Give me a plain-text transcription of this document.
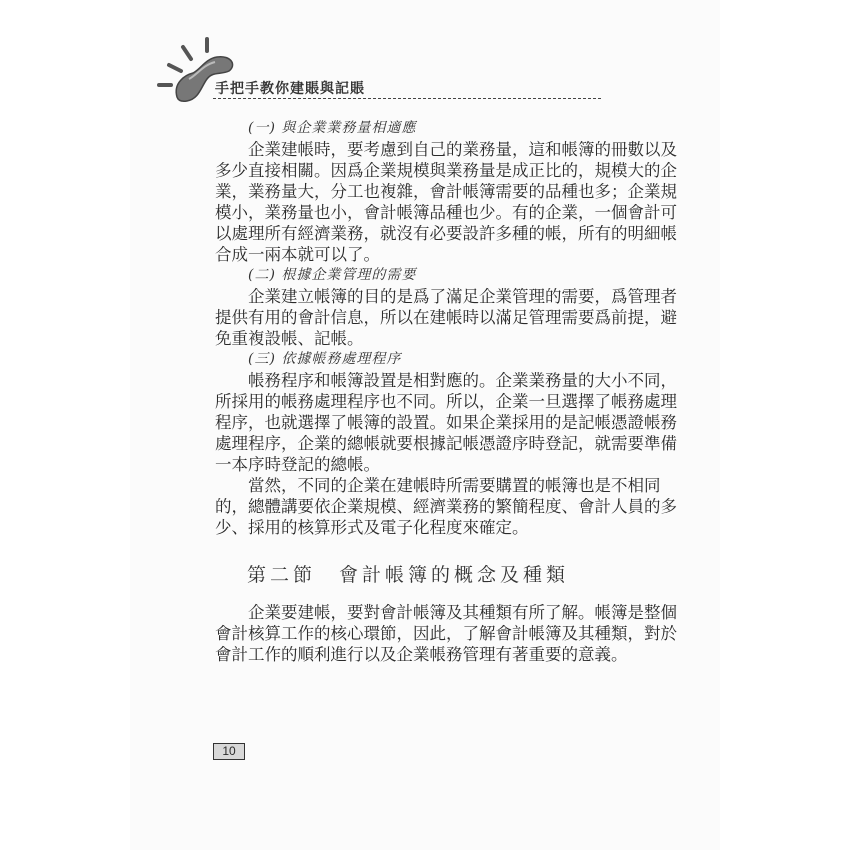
手把手教你建賬與記賬
(一) 與企業業務量相適應
企業建帳時，要考慮到自己的業務量，這和帳簿的冊數以及
多少直接相關。因爲企業規模與業務量是成正比的，規模大的企
業，業務量大，分工也複雜，會計帳簿需要的品種也多；企業規
模小，業務量也小，會計帳簿品種也少。有的企業，一個會計可
以處理所有經濟業務，就沒有必要設許多種的帳，所有的明細帳
合成一兩本就可以了。
(二) 根據企業管理的需要
企業建立帳簿的目的是爲了滿足企業管理的需要，爲管理者
提供有用的會計信息，所以在建帳時以滿足管理需要爲前提，避
免重複設帳、記帳。
(三) 依據帳務處理程序
帳務程序和帳簿設置是相對應的。企業業務量的大小不同，
所採用的帳務處理程序也不同。所以，企業一旦選擇了帳務處理
程序，也就選擇了帳簿的設置。如果企業採用的是記帳憑證帳務
處理程序，企業的總帳就要根據記帳憑證序時登記，就需要準備
一本序時登記的總帳。
當然，不同的企業在建帳時所需要購置的帳簿也是不相同
的，總體講要依企業規模、經濟業務的繁簡程度、會計人員的多
少、採用的核算形式及電子化程度來確定。
第二節　會計帳簿的概念及種類
企業要建帳，要對會計帳簿及其種類有所了解。帳簿是整個
會計核算工作的核心環節，因此，了解會計帳簿及其種類，對於
會計工作的順利進行以及企業帳務管理有著重要的意義。
10
